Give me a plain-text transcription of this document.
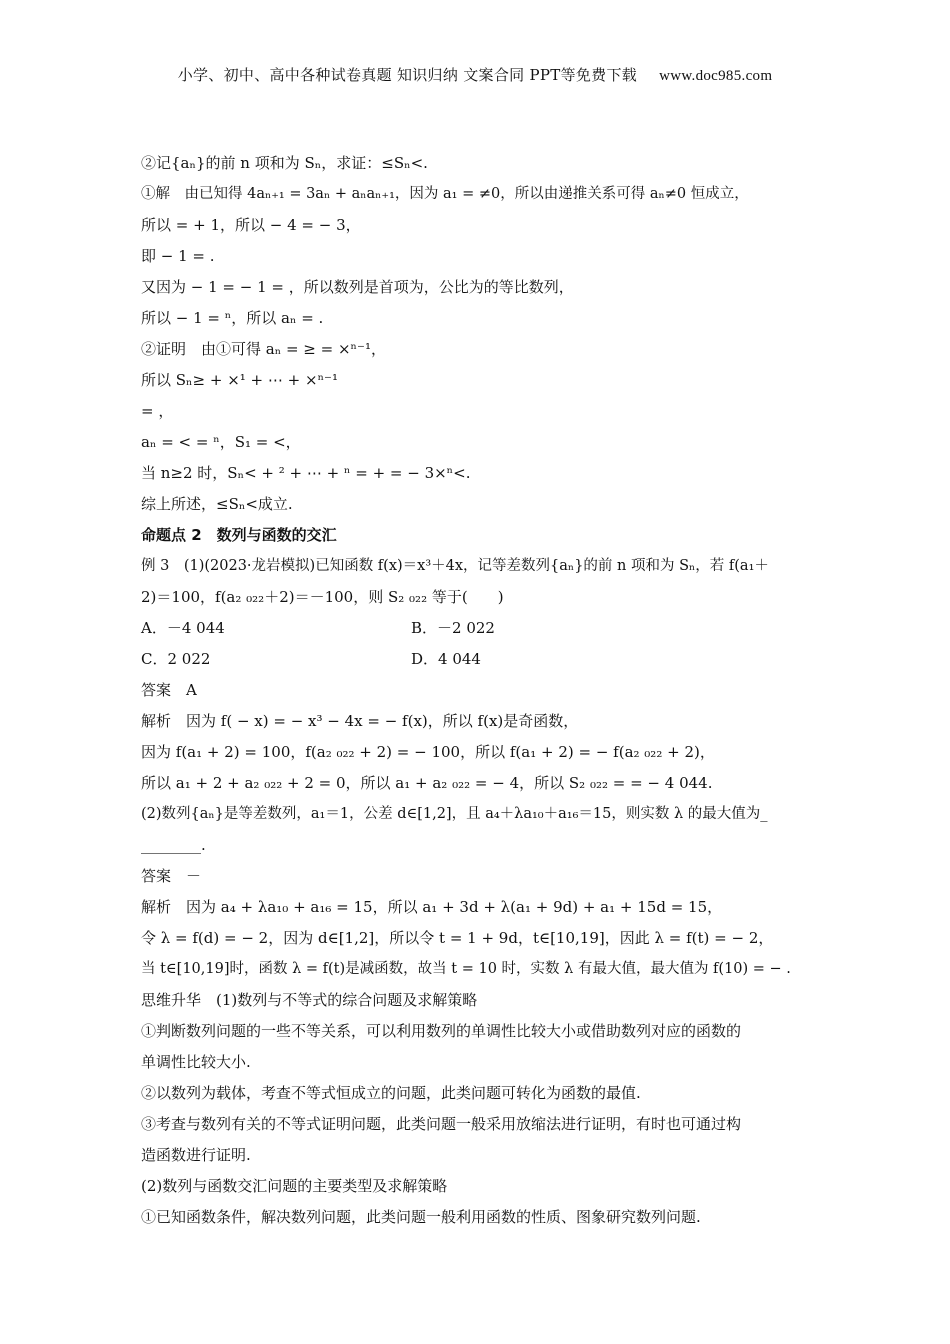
小学、初中、高中各种试卷真题 知识归纳 文案合同 PPT等免费下载 www.doc985.com
②记{aₙ}的前 n 项和为 Sₙ，求证：≤Sₙ<.
①解　由已知得 4aₙ₊₁ = 3aₙ + aₙaₙ₊₁，因为 a₁ = ≠0，所以由递推关系可得 aₙ≠0 恒成立，
所以 = + 1，所以 − 4 = − 3，
即 − 1 = .
又因为 − 1 = − 1 = ，所以数列是首项为，公比为的等比数列，
所以 − 1 = ⁿ，所以 aₙ = .
②证明　由①可得 aₙ = ≥ = ×ⁿ⁻¹，
所以 Sₙ≥ + ×¹ + ⋯ + ×ⁿ⁻¹
= ，
aₙ = < = ⁿ，S₁ = <，
当 n≥2 时，Sₙ< + ² + ⋯ + ⁿ = + = − 3×ⁿ<.
综上所述，≤Sₙ<成立.
命题点 2　数列与函数的交汇
例 3　(1)(2023·龙岩模拟)已知函数 f(x)＝x³＋4x，记等差数列{aₙ}的前 n 项和为 Sₙ，若 f(a₁＋
2)＝100，f(a₂ ₀₂₂＋2)＝－100，则 S₂ ₀₂₂ 等于(　　)
A．－4 044	B．－2 022
C．2 022	D．4 044
答案　A
解析　因为 f( − x) = − x³ − 4x = − f(x)，所以 f(x)是奇函数，
因为 f(a₁ + 2) = 100，f(a₂ ₀₂₂ + 2) = − 100，所以 f(a₁ + 2) = − f(a₂ ₀₂₂ + 2)，
所以 a₁ + 2 + a₂ ₀₂₂ + 2 = 0，所以 a₁ + a₂ ₀₂₂ = − 4，所以 S₂ ₀₂₂ = = − 4 044.
(2)数列{aₙ}是等差数列，a₁＝1，公差 d∈[1,2]，且 a₄＋λa₁₀＋a₁₆＝15，则实数 λ 的最大值为_
________.
答案　－
解析　因为 a₄ + λa₁₀ + a₁₆ = 15，所以 a₁ + 3d + λ(a₁ + 9d) + a₁ + 15d = 15，
令 λ = f(d) = − 2，因为 d∈[1,2]，所以令 t = 1 + 9d，t∈[10,19]，因此 λ = f(t) = − 2，
当 t∈[10,19]时，函数 λ = f(t)是减函数，故当 t = 10 时，实数 λ 有最大值，最大值为 f(10) = − .
思维升华　(1)数列与不等式的综合问题及求解策略
①判断数列问题的一些不等关系，可以利用数列的单调性比较大小或借助数列对应的函数的
单调性比较大小.
②以数列为载体，考查不等式恒成立的问题，此类问题可转化为函数的最值.
③考查与数列有关的不等式证明问题，此类问题一般采用放缩法进行证明，有时也可通过构
造函数进行证明.
(2)数列与函数交汇问题的主要类型及求解策略
①已知函数条件，解决数列问题，此类问题一般利用函数的性质、图象研究数列问题.
